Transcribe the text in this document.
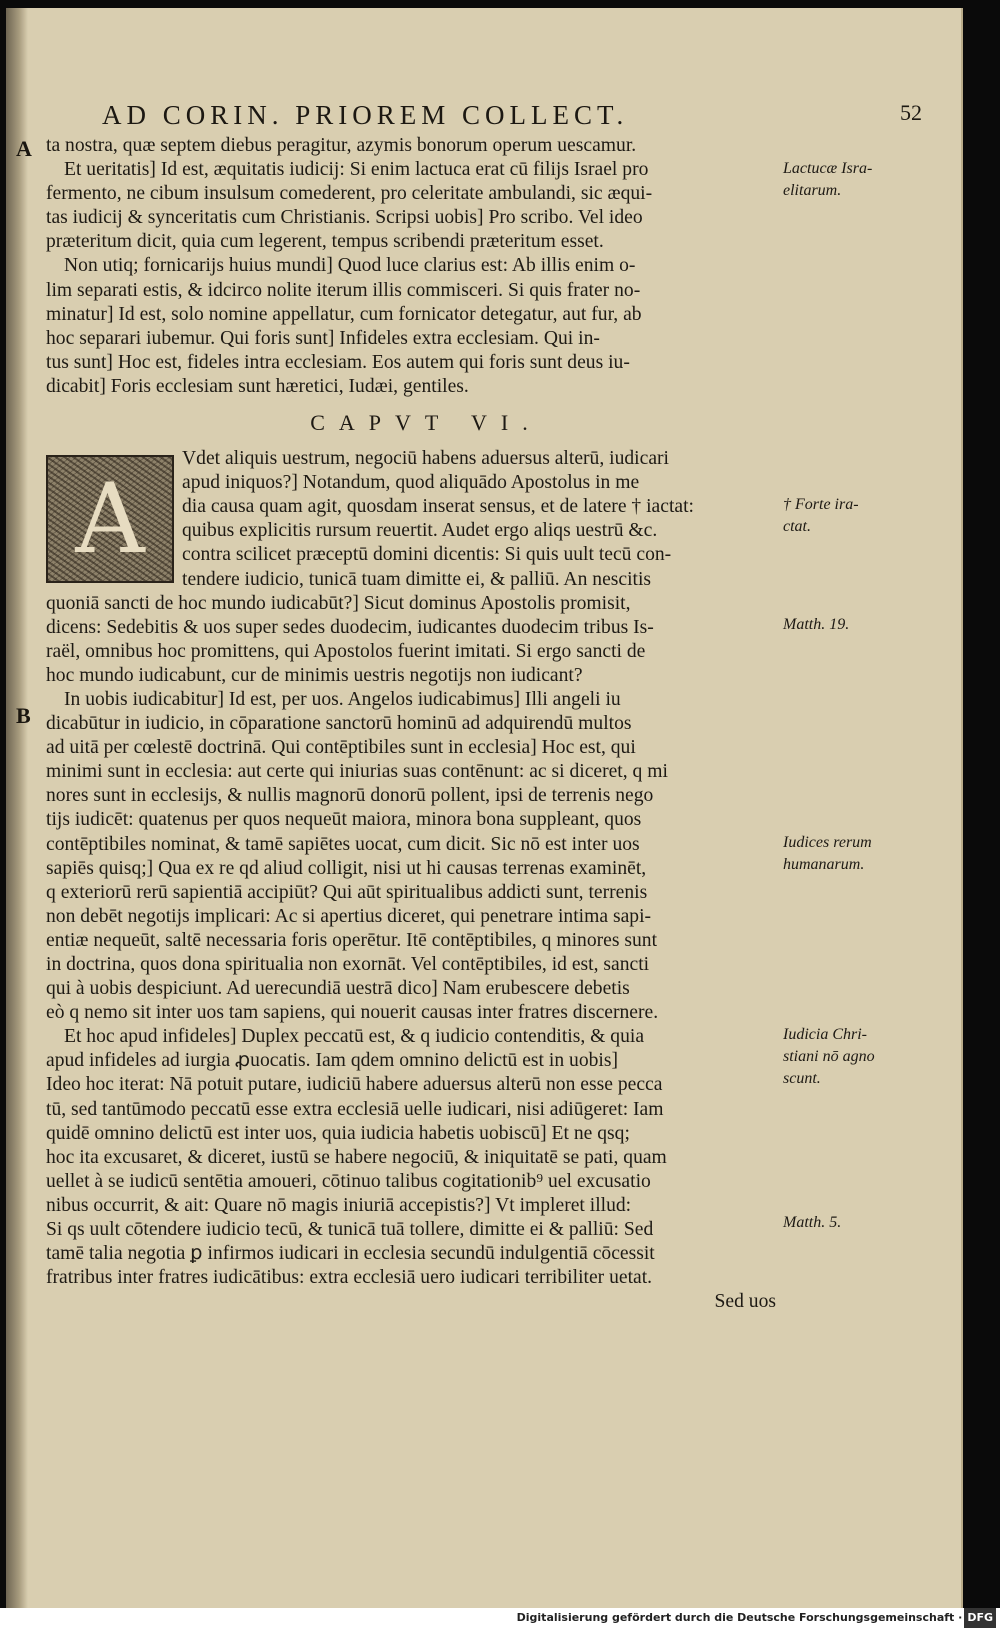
AD CORIN. PRIOREM COLLECT.	52
A
B
ta nostra, quæ septem diebus peragitur, azymis bonorum operum uescamur.
Et ueritatis] Id est, æquitatis iudicij: Si enim lactuca erat cū filijs Israel pro
fermento, ne cibum insulsum comederent, pro celeritate ambulandi, sic æqui-
tas iudicij & synceritatis cum Christianis. Scripsi uobis] Pro scribo. Vel ideo
præteritum dicit, quia cum legerent, tempus scribendi præteritum esset.
Non utiq; fornicarijs huius mundi] Quod luce clarius est: Ab illis enim o-
lim separati estis, & idcirco nolite iterum illis commisceri. Si quis frater no-
minatur] Id est, solo nomine appellatur, cum fornicator detegatur, aut fur, ab
hoc separari iubemur. Qui foris sunt] Infideles extra ecclesiam. Qui in-
tus sunt] Hoc est, fideles intra ecclesiam. Eos autem qui foris sunt deus iu-
dicabit] Foris ecclesiam sunt hæretici, Iudæi, gentiles.
CAPVT VI.
A
Vdet aliquis uestrum, negociū habens aduersus alterū, iudicari
apud iniquos?] Notandum, quod aliquādo Apostolus in me
dia causa quam agit, quosdam inserat sensus, et de latere † iactat:
quibus explicitis rursum reuertit. Audet ergo aliqs uestrū &c.
contra scilicet præceptū domini dicentis: Si quis uult tecū con-
tendere iudicio, tunicā tuam dimitte ei, & palliū. An nescitis
quoniā sancti de hoc mundo iudicabūt?] Sicut dominus Apostolis promisit,
dicens: Sedebitis & uos super sedes duodecim, iudicantes duodecim tribus Is-
raël, omnibus hoc promittens, qui Apostolos fuerint imitati. Si ergo sancti de
hoc mundo iudicabunt, cur de minimis uestris negotijs non iudicant?
In uobis iudicabitur] Id est, per uos. Angelos iudicabimus] Illi angeli iu
dicabūtur in iudicio, in cōparatione sanctorū hominū ad adquirendū multos
ad uitā per cœlestē doctrinā. Qui contēptibiles sunt in ecclesia] Hoc est, qui
minimi sunt in ecclesia: aut certe qui iniurias suas contēnunt: ac si diceret, q mi
nores sunt in ecclesijs, & nullis magnorū donorū pollent, ipsi de terrenis nego
tijs iudicēt: quatenus per quos nequeūt maiora, minora bona suppleant, quos
contēptibiles nominat, & tamē sapiētes uocat, cum dicit. Sic nō est inter uos
sapiēs quisq;] Qua ex re qd aliud colligit, nisi ut hi causas terrenas examinēt,
q exteriorū rerū sapientiā accipiūt? Qui aūt spiritualibus addicti sunt, terrenis
non debēt negotijs implicari: Ac si apertius diceret, qui penetrare intima sapi-
entiæ nequeūt, saltē necessaria foris operētur. Itē contēptibiles, q minores sunt
in doctrina, quos dona spiritualia non exornāt. Vel contēptibiles, id est, sancti
qui à uobis despiciunt. Ad uerecundiā uestrā dico] Nam erubescere debetis
eò q nemo sit inter uos tam sapiens, qui nouerit causas inter fratres discernere.
Et hoc apud infideles] Duplex peccatū est, & q iudicio contenditis, & quia
apud infideles ad iurgia ꝓuocatis. Iam qdem omnino delictū est in uobis]
Ideo hoc iterat: Nā potuit putare, iudiciū habere aduersus alterū non esse pecca
tū, sed tantūmodo peccatū esse extra ecclesiā uelle iudicari, nisi adiūgeret: Iam
quidē omnino delictū est inter uos, quia iudicia habetis uobiscū] Et ne qsq;
hoc ita excusaret, & diceret, iustū se habere negociū, & iniquitatē se pati, quam
uellet à se iudicū sentētia amoueri, cōtinuo talibus cogitationib⁹ uel excusatio
nibus occurrit, & ait: Quare nō magis iniuriā accepistis?] Vt impleret illud:
Si qs uult cōtendere iudicio tecū, & tunicā tuā tollere, dimitte ei & palliū: Sed
tamē talia negotia ꝑ infirmos iudicari in ecclesia secundū indulgentiā cōcessit
fratribus inter fratres iudicātibus: extra ecclesiā uero iudicari terribiliter uetat.
Sed uos
Lactucæ Isra-
elitarum.
† Forte ira-
ctat.
Matth. 19.
Iudices rerum
humanarum.
Iudicia Chri-
stiani nō agno
scunt.
Matth. 5.
Digitalisierung gefördert durch die Deutsche Forschungsgemeinschaft · DFG
